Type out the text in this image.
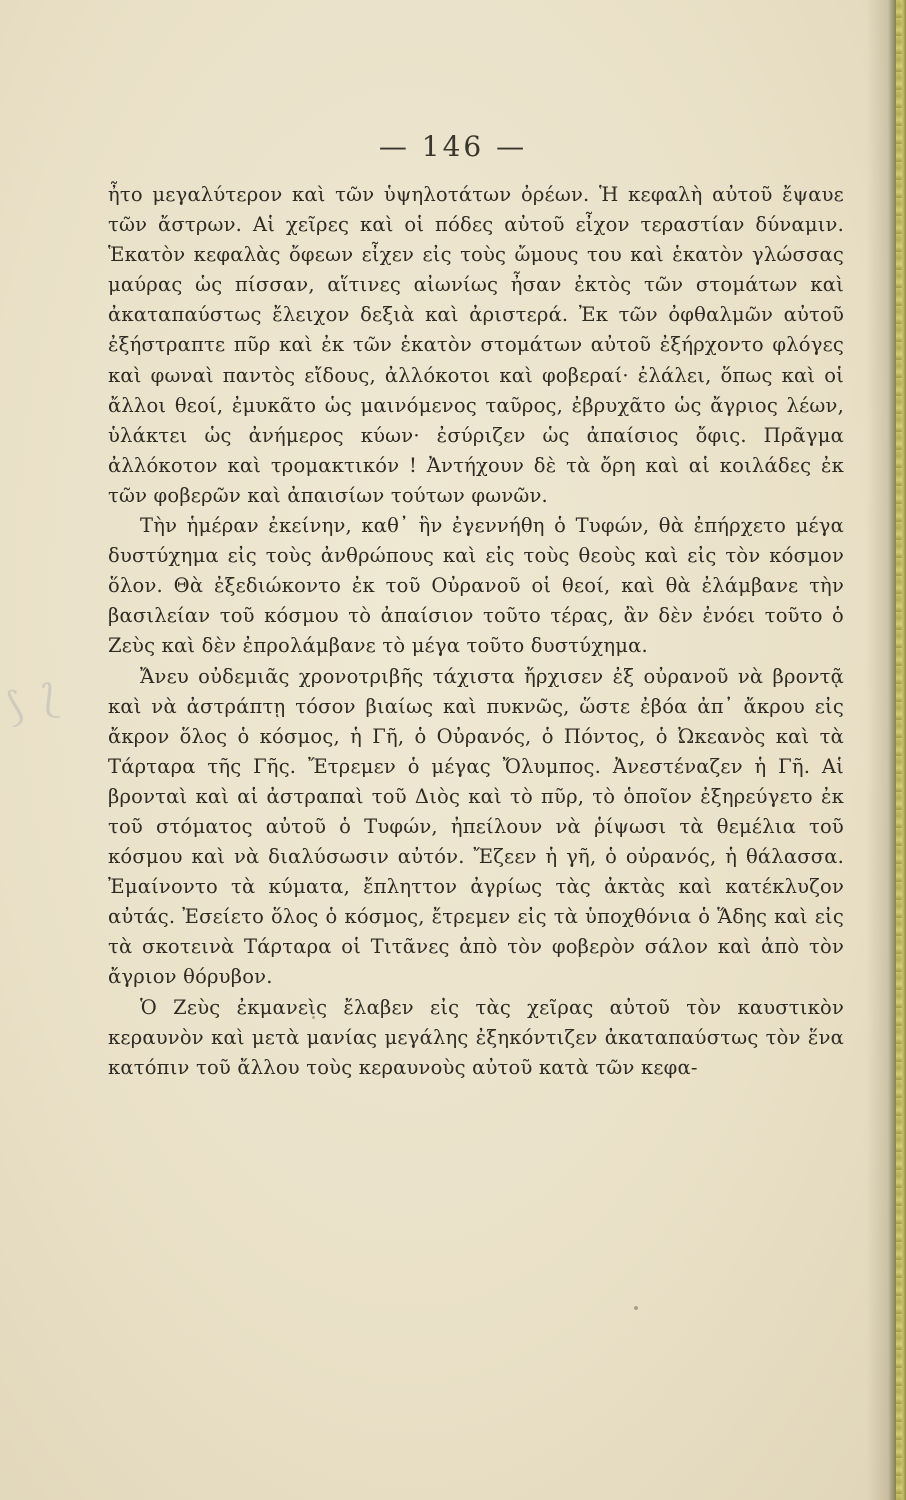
⟆ ⟅
— 146 —

ἦτο μεγαλύτερον καὶ τῶν ὑψηλοτάτων ὀρέων. Ἡ κεφαλὴ αὐτοῦ ἔψαυε τῶν ἄστρων. Αἱ χεῖρες καὶ οἱ πόδες αὐτοῦ εἶχον τεραστίαν δύναμιν. Ἑκατὸν κεφαλὰς ὄφεων εἶχεν εἰς τοὺς ὤμους του καὶ ἑκατὸν γλώσσας μαύρας ὡς πίσσαν, αἵτινες αἰωνίως ἦσαν ἐκτὸς τῶν στομάτων καὶ ἀκαταπαύστως ἔλειχον δεξιὰ καὶ ἀριστερά. Ἐκ τῶν ὀφθαλμῶν αὐτοῦ ἐξήστραπτε πῦρ καὶ ἐκ τῶν ἑκατὸν στομάτων αὐτοῦ ἐξήρχοντο φλόγες καὶ φωναὶ παντὸς εἴδους, ἀλλόκοτοι καὶ φοβεραί· ἐλάλει, ὅπως καὶ οἱ ἄλλοι θεοί, ἐμυκᾶτο ὡς μαινόμενος ταῦρος, ἐβρυχᾶτο ὡς ἄγριος λέων, ὑλάκτει ὡς ἀνήμερος κύων· ἐσύριζεν ὡς ἀπαίσιος ὄφις. Πρᾶγμα ἀλλόκοτον καὶ τρομακτικόν ! Ἀντήχουν δὲ τὰ ὄρη καὶ αἱ κοιλάδες ἐκ τῶν φοβερῶν καὶ ἀπαισίων τούτων φωνῶν.

Τὴν ἡμέραν ἐκείνην, καθ᾿ ἣν ἐγεννήθη ὁ Τυφών, θὰ ἐπήρχετο μέγα δυστύχημα εἰς τοὺς ἀνθρώπους καὶ εἰς τοὺς θεοὺς καὶ εἰς τὸν κόσμον ὅλον. Θὰ ἐξεδιώκοντο ἐκ τοῦ Οὐρανοῦ οἱ θεοί, καὶ θὰ ἐλάμβανε τὴν βασιλείαν τοῦ κόσμου τὸ ἀπαίσιον τοῦτο τέρας, ἂν δὲν ἐνόει τοῦτο ὁ Ζεὺς καὶ δὲν ἐπρολάμβανε τὸ μέγα τοῦτο δυστύχημα.

Ἄνευ οὐδεμιᾶς χρονοτριβῆς τάχιστα ἤρχισεν ἐξ οὐρανοῦ νὰ βροντᾷ καὶ νὰ ἀστράπτῃ τόσον βιαίως καὶ πυκνῶς, ὥστε ἐβόα ἀπ᾿ ἄκρου εἰς ἄκρον ὅλος ὁ κόσμος, ἡ Γῆ, ὁ Οὐρανός, ὁ Πόντος, ὁ Ὠκεανὸς καὶ τὰ Τάρταρα τῆς Γῆς. Ἔτρεμεν ὁ μέγας Ὄλυμπος. Ἀνεστέναζεν ἡ Γῆ. Αἱ βρονταὶ καὶ αἱ ἀστραπαὶ τοῦ Διὸς καὶ τὸ πῦρ, τὸ ὁποῖον ἐξηρεύγετο ἐκ τοῦ στόματος αὐτοῦ ὁ Τυφών, ἠπείλουν νὰ ῥίψωσι τὰ θεμέλια τοῦ κόσμου καὶ νὰ διαλύσωσιν αὐτόν. Ἔζεεν ἡ γῆ, ὁ οὐρανός, ἡ θάλασσα. Ἐμαίνοντο τὰ κύματα, ἔπληττον ἀγρίως τὰς ἀκτὰς καὶ κατέκλυζον αὐτάς. Ἐσείετο ὅλος ὁ κόσμος, ἔτρεμεν εἰς τὰ ὑποχθόνια ὁ Ἅδης καὶ εἰς τὰ σκοτεινὰ Τάρταρα οἱ Τιτᾶνες ἀπὸ τὸν φοβερὸν σάλον καὶ ἀπὸ τὸν ἄγριον θόρυβον.

Ὁ Ζεὺς ἐκμανεὶς ἔλαβεν εἰς τὰς χεῖρας αὐτοῦ τὸν καυστικὸν κεραυνὸν καὶ μετὰ μανίας μεγάλης ἐξηκόντιζεν ἀκαταπαύστως τὸν ἕνα κατόπιν τοῦ ἄλλου τοὺς κεραυνοὺς αὐτοῦ κατὰ τῶν κεφα-
